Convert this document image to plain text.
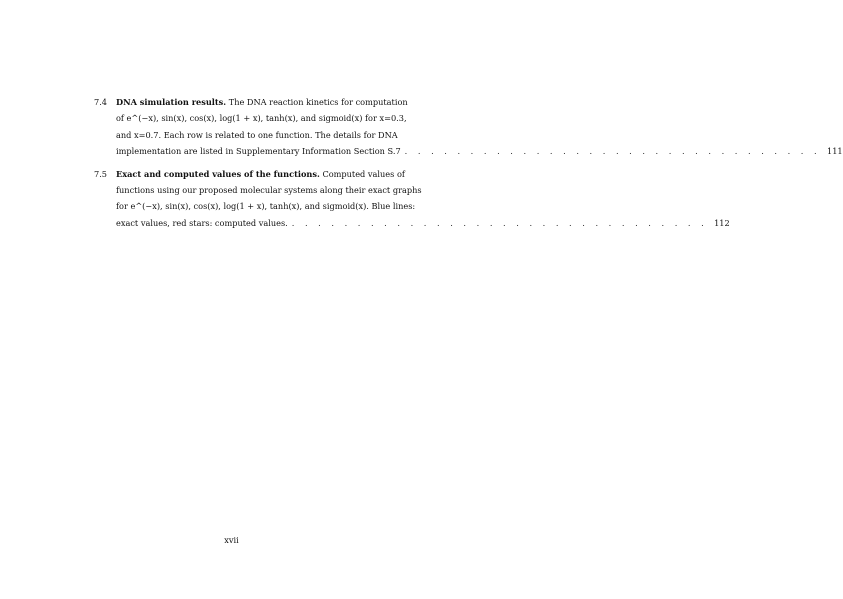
7.4	DNA simulation results. The DNA reaction kinetics for computation
of e^(−x), sin(x), cos(x), log(1 + x), tanh(x), and sigmoid(x) for x=0.3,
and x=0.7. Each row is related to one function. The details for DNA
implementation are listed in Supplementary Information Section S.7 . . . . . . . . . . . . . . . . . . . . . . . . . . . . . . . . 111
7.5	Exact and computed values of the functions. Computed values of
functions using our proposed molecular systems along their exact graphs
for e^(−x), sin(x), cos(x), log(1 + x), tanh(x), and sigmoid(x). Blue lines:
exact values, red stars: computed values. . . . . . . . . . . . . . . . . . . . . . . . . . . . . . . . . 112
xvii
